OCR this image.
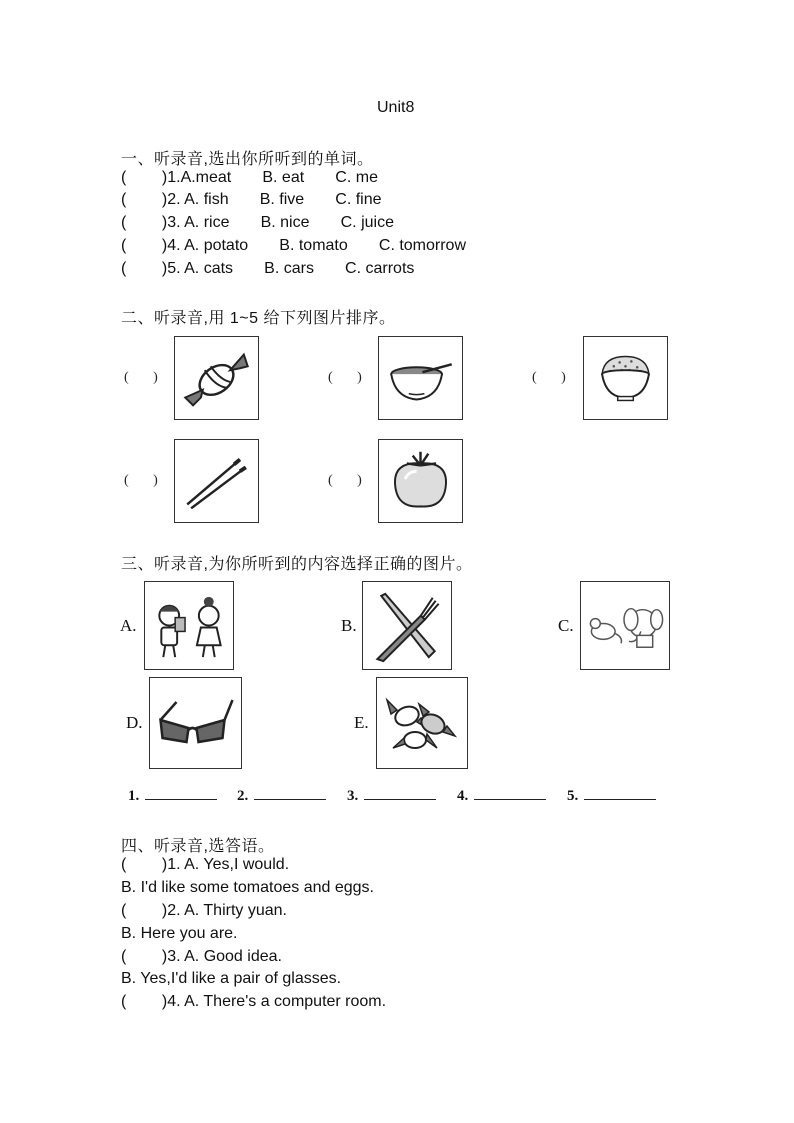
Unit8
一、听录音,选出你所听到的单词。
(        )1.A.meat       B. eat       C. me
(        )2. A. fish       B. five       C. fine
(        )3. A. rice       B. nice       C. juice
(        )4. A. potato       B. tomato       C. tomorrow
(        )5. A. cats       B. cars       C. carrots
二、听录音,用 1~5 给下列图片排序。
(       )	(       )	(       )
(       )	(       )
三、听录音,为你所听到的内容选择正确的图片。
A.	B.	C.
D.	E.
1.	2.	3.	4.	5.
四、听录音,选答语。
(        )1. A. Yes,I would.
B. I'd like some tomatoes and eggs.
(        )2. A. Thirty yuan.
B. Here you are.
(        )3. A. Good idea.
B. Yes,I'd like a pair of glasses.
(        )4. A. There's a computer room.
